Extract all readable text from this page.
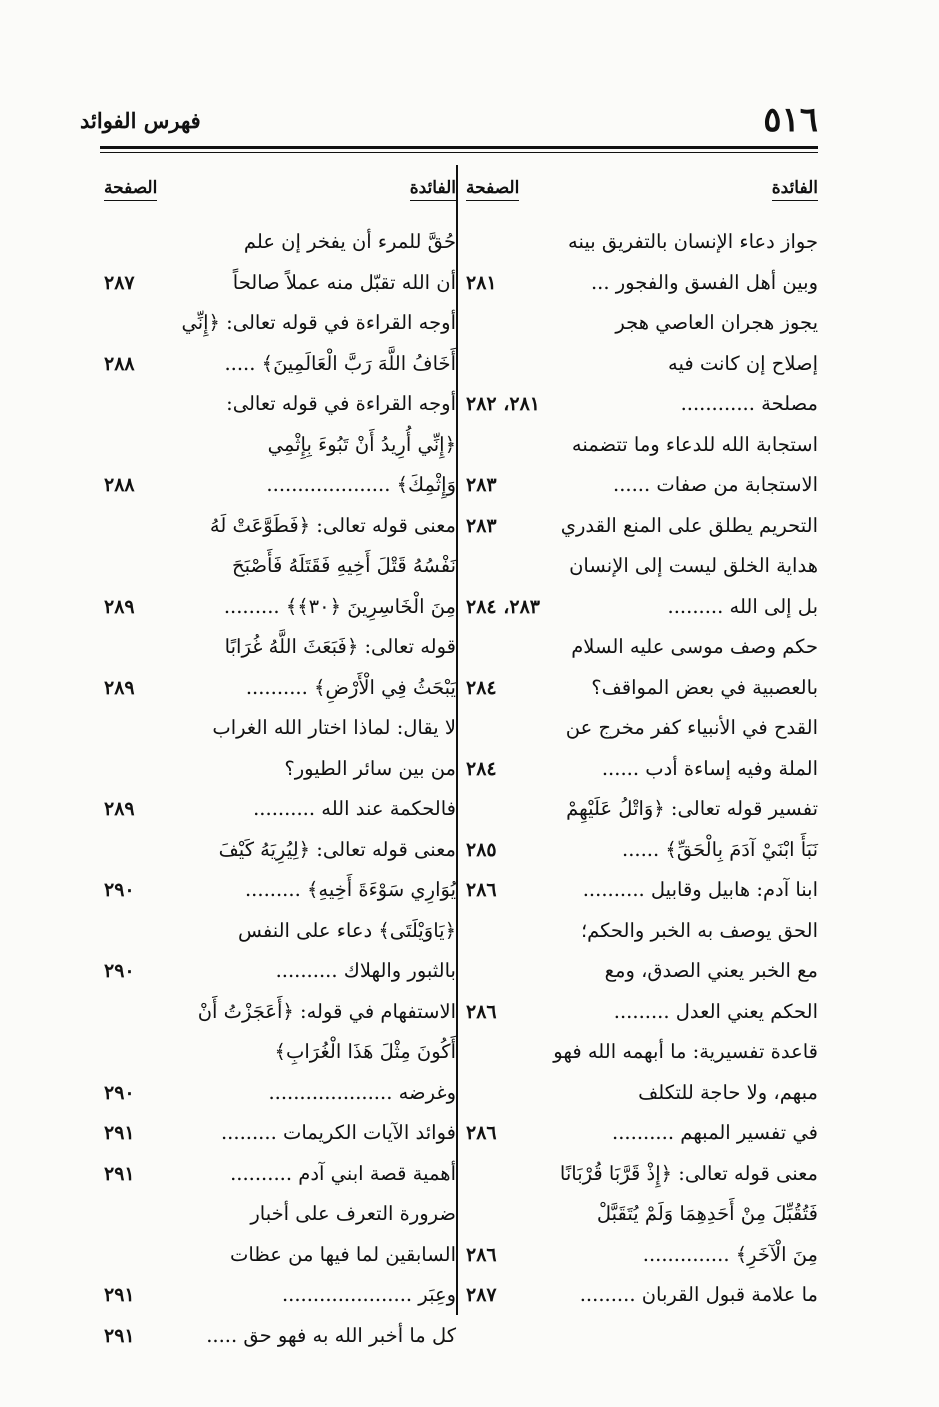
٥١٦
فهرس الفوائد
الفائدة
الصفحة
جواز دعاء الإنسان بالتفريق بينه
وبين أهل الفسق والفجور ...
٢٨١
يجوز هجران العاصي هجر
إصلاح إن كانت فيه
مصلحة ............
٢٨١، ٢٨٢
استجابة الله للدعاء وما تتضمنه
الاستجابة من صفات ......
٢٨٣
التحريم يطلق على المنع القدري
٢٨٣
هداية الخلق ليست إلى الإنسان
بل إلى الله .........
٢٨٣، ٢٨٤
حكم وصف موسى عليه السلام
بالعصبية في بعض المواقف؟
٢٨٤
القدح في الأنبياء كفر مخرج عن
الملة وفيه إساءة أدب ......
٢٨٤
تفسير قوله تعالى: ﴿وَاتْلُ عَلَيْهِمْ
نَبَأَ ابْنَيْ آدَمَ بِالْحَقِّ﴾ ......
٢٨٥
ابنا آدم: هابيل وقابيل ..........
٢٨٦
الحق يوصف به الخبر والحكم؛
مع الخبر يعني الصدق، ومع
الحكم يعني العدل .........
٢٨٦
قاعدة تفسيرية: ما أبهمه الله فهو
مبهم، ولا حاجة للتكلف
في تفسير المبهم ..........
٢٨٦
معنى قوله تعالى: ﴿إِذْ قَرَّبَا قُرْبَانًا
فَتُقُبِّلَ مِنْ أَحَدِهِمَا وَلَمْ يُتَقَبَّلْ
مِنَ الْآخَرِ﴾ ..............
٢٨٦
ما علامة قبول القربان .........
٢٨٧
الفائدة
الصفحة
حُقَّ للمرء أن يفخر إن علم
أن الله تقبّل منه عملاً صالحاً
٢٨٧
أوجه القراءة في قوله تعالى: ﴿إِنِّي
أَخَافُ اللَّهَ رَبَّ الْعَالَمِينَ﴾ .....
٢٨٨
أوجه القراءة في قوله تعالى:
﴿إِنِّي أُرِيدُ أَنْ تَبُوءَ بِإِثْمِي
وَإِثْمِكَ﴾ ....................
٢٨٨
معنى قوله تعالى: ﴿فَطَوَّعَتْ لَهُ
نَفْسُهُ قَتْلَ أَخِيهِ فَقَتَلَهُ فَأَصْبَحَ
مِنَ الْخَاسِرِينَ ﴿٣٠﴾﴾ .........
٢٨٩
قوله تعالى: ﴿فَبَعَثَ اللَّهُ غُرَابًا
يَبْحَثُ فِي الْأَرْضِ﴾ ..........
٢٨٩
لا يقال: لماذا اختار الله الغراب
من بين سائر الطيور؟
فالحكمة عند الله ..........
٢٨٩
معنى قوله تعالى: ﴿لِيُرِيَهُ كَيْفَ
يُوَارِي سَوْءَةَ أَخِيهِ﴾ .........
٢٩٠
﴿يَاوَيْلَتَى﴾ دعاء على النفس
بالثبور والهلاك ..........
٢٩٠
الاستفهام في قوله: ﴿أَعَجَزْتُ أَنْ
أَكُونَ مِثْلَ هَذَا الْغُرَابِ﴾
وغرضه ....................
٢٩٠
فوائد الآيات الكريمات .........
٢٩١
أهمية قصة ابني آدم ..........
٢٩١
ضرورة التعرف على أخبار
السابقين لما فيها من عظات
وعِبَر .....................
٢٩١
كل ما أخبر الله به فهو حق .....
٢٩١
